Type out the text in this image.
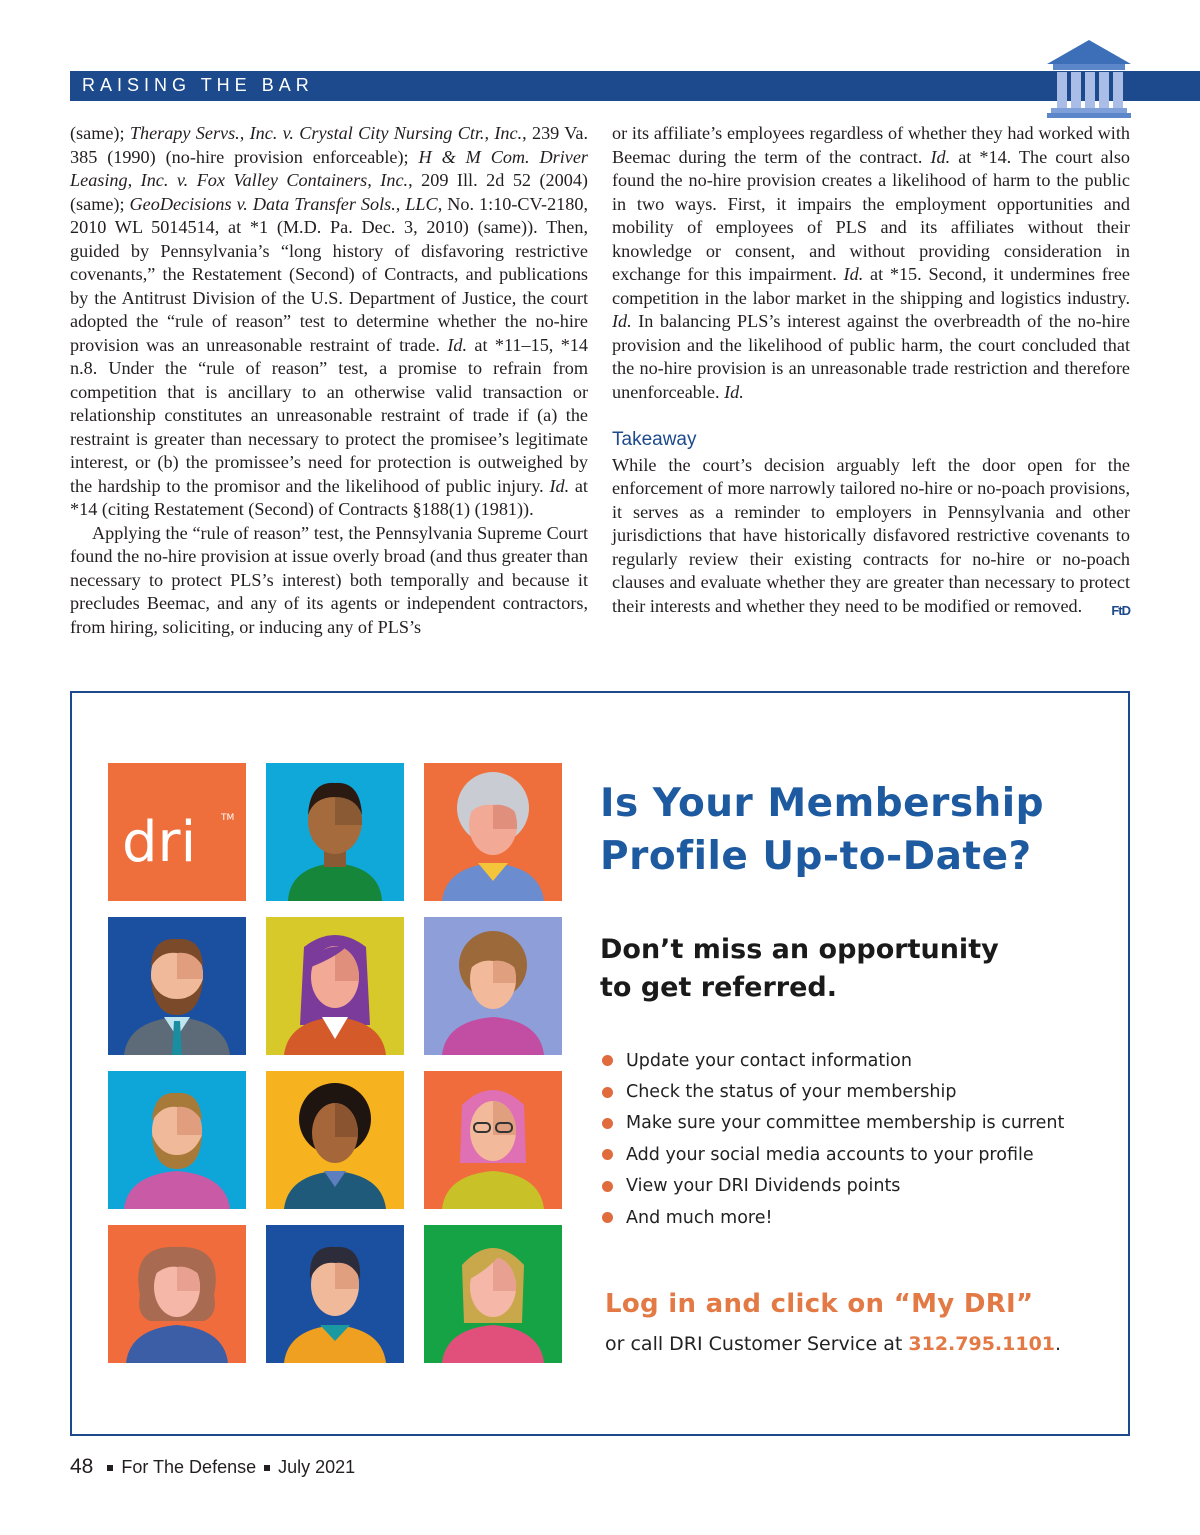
RAISING THE BAR

(same); Therapy Servs., Inc. v. Crystal City Nursing Ctr., Inc., 239 Va. 385 (1990) (no-hire provision enforceable); H & M Com. Driver Leasing, Inc. v. Fox Valley Containers, Inc., 209 Ill. 2d 52 (2004) (same); GeoDecisions v. Data Transfer Sols., LLC, No. 1:10-CV-2180, 2010 WL 5014514, at *1 (M.D. Pa. Dec. 3, 2010) (same)). Then, guided by Pennsylvania’s “long history of disfavoring restrictive covenants,” the Restatement (Second) of Contracts, and publications by the Antitrust Division of the U.S. Department of Justice, the court adopted the “rule of reason” test to determine whether the no-hire provision was an unreasonable restraint of trade. Id. at *11–15, *14 n.8. Under the “rule of reason” test, a promise to refrain from competition that is ancillary to an otherwise valid transaction or relationship constitutes an unreasonable restraint of trade if (a) the restraint is greater than necessary to protect the promisee’s legitimate interest, or (b) the promissee’s need for protection is outweighed by the hardship to the promisor and the likelihood of public injury. Id. at *14 (citing Restatement (Second) of Contracts §188(1) (1981)).

Applying the “rule of reason” test, the Pennsylvania Supreme Court found the no-hire provision at issue overly broad (and thus greater than necessary to protect PLS’s interest) both temporally and because it precludes Beemac, and any of its agents or independent contractors, from hiring, soliciting, or inducing any of PLS’s

or its affiliate’s employees regardless of whether they had worked with Beemac during the term of the contract. Id. at *14. The court also found the no-hire provision creates a likelihood of harm to the public in two ways. First, it impairs the employment opportunities and mobility of employees of PLS and its affiliates without their knowledge or consent, and without providing consideration in exchange for this impairment. Id. at *15. Second, it undermines free competition in the labor market in the shipping and logistics industry. Id. In balancing PLS’s interest against the overbreadth of the no-hire provision and the likelihood of public harm, the court concluded that the no-hire provision is an unreasonable trade restriction and therefore unenforceable. Id.

Takeaway

While the court’s decision arguably left the door open for the enforcement of more narrowly tailored no-hire or no-poach provisions, it serves as a reminder to employers in Pennsylvania and other jurisdictions that have historically disfavored restrictive covenants to regularly review their existing contracts for no-hire or no-poach clauses and evaluate whether they are greater than necessary to protect their interests and whether they need to be modified or removed. FtD

dri	TM	Is Your Membership
Profile Up-to-Date?
Don’t miss an opportunity
to get referred.
Update your contact information
Check the status of your membership
Make sure your committee membership is current
Add your social media accounts to your profile
View your DRI Dividends points
And much more!
Log in and click on “My DRI”
or call DRI Customer Service at 312.795.1101.
48 For The Defense July 2021
